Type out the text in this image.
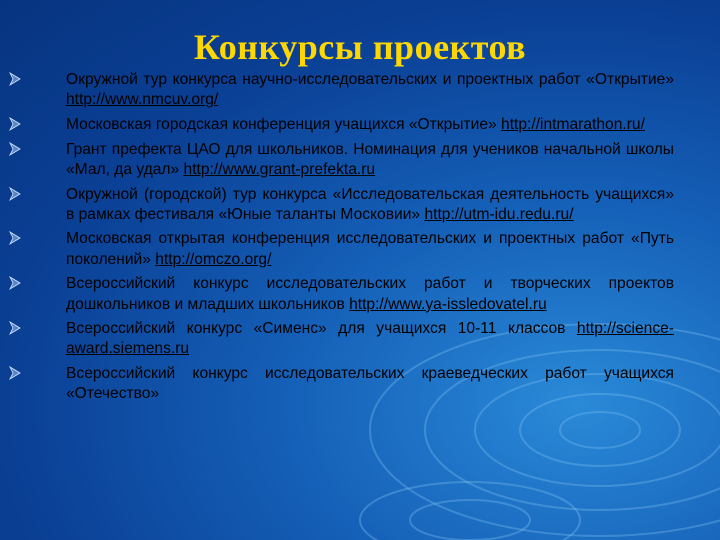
Конкурсы проектов
Окружной тур конкурса научно-исследовательских и проектных работ «Открытие» http://www.nmcuv.org/
Московская городская конференция учащихся «Открытие» http://intmarathon.ru/
Грант префекта ЦАО для школьников. Номинация для учеников начальной школы «Мал, да удал» http://www.grant-prefekta.ru
Окружной (городской) тур конкурса «Исследовательская деятельность учащихся» в рамках фестиваля «Юные таланты Московии» http://utm-idu.redu.ru/
Московская открытая конференция исследовательских и проектных работ «Путь поколений» http://omczo.org/
Всероссийский конкурс исследовательских работ и творческих проектов дошкольников и младших школьников http://www.ya-issledovatel.ru
Всероссийский конкурс «Сименс» для учащихся 10-11 классов http://science-award.siemens.ru
Всероссийский конкурс исследовательских краеведческих работ учащихся «Отечество»
